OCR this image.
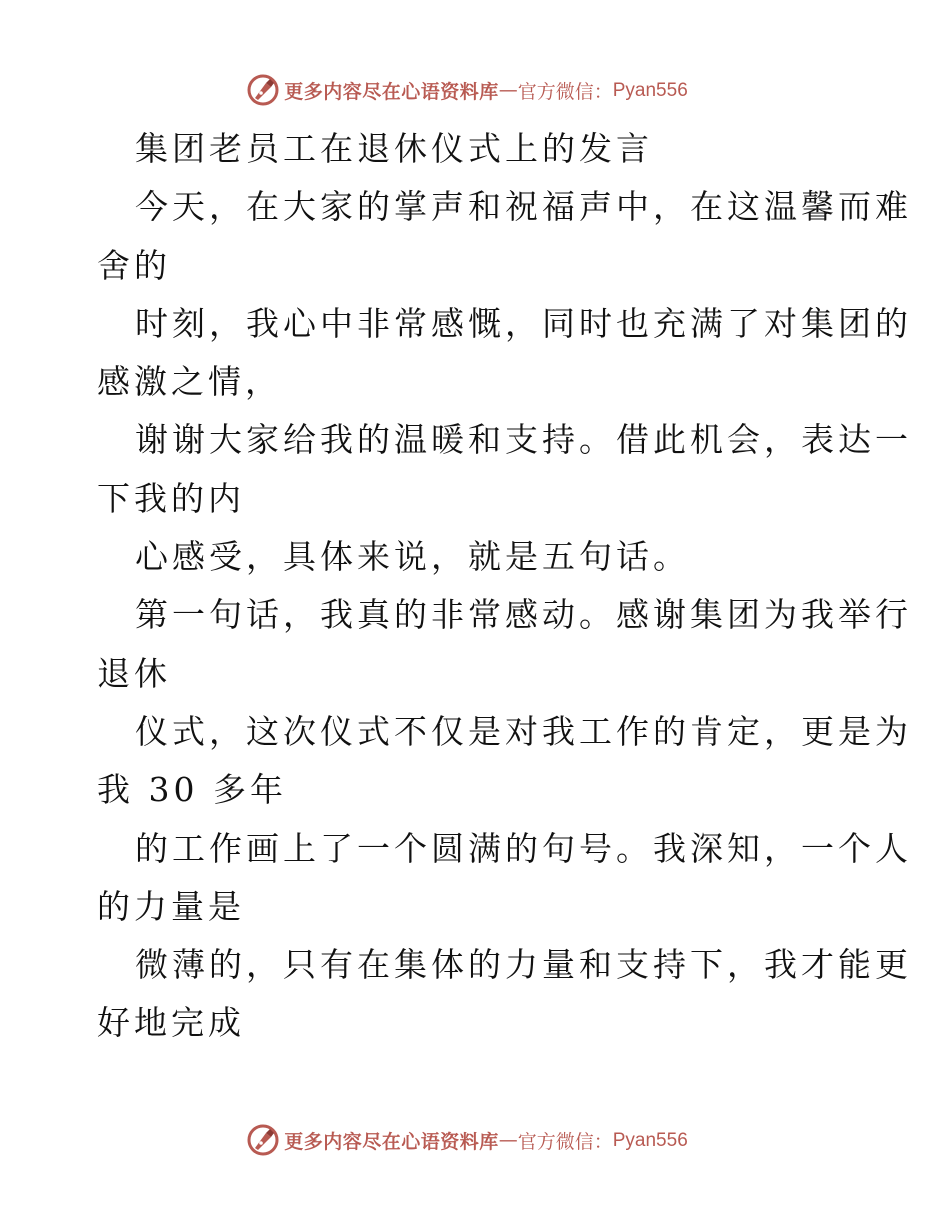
更多内容尽在心语资料库 — 官方微信： Pyan556
集团老员工在退休仪式上的发言
今天，在大家的掌声和祝福声中，在这温馨而难
舍的
时刻，我心中非常感慨，同时也充满了对集团的
感激之情，
谢谢大家给我的温暖和支持。借此机会，表达一
下我的内
心感受，具体来说，就是五句话。
第一句话，我真的非常感动。感谢集团为我举行
退休
仪式，这次仪式不仅是对我工作的肯定，更是为
我 30 多年
的工作画上了一个圆满的句号。我深知，一个人
的力量是
微薄的，只有在集体的力量和支持下，我才能更
好地完成
更多内容尽在心语资料库 — 官方微信： Pyan556
